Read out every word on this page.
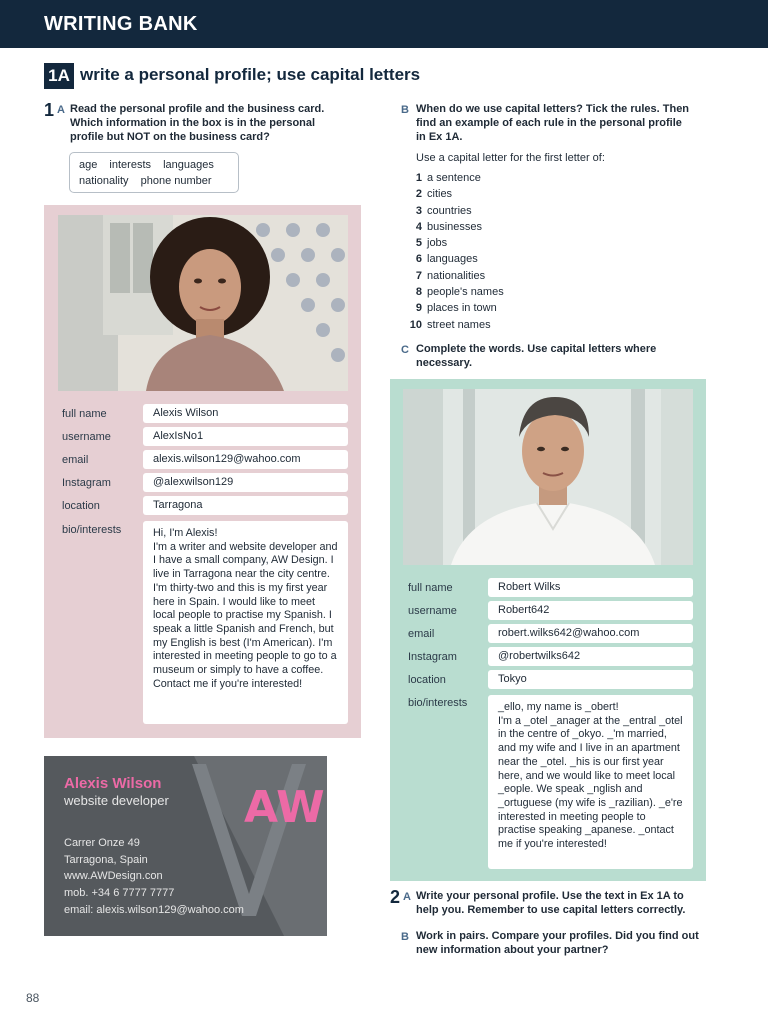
WRITING BANK
1A write a personal profile; use capital letters
1 A Read the personal profile and the business card. Which information in the box is in the personal profile but NOT on the business card?
age interests languages
nationality phone number
full name	Alexis Wilson
username	AlexIsNo1
email	alexis.wilson129@wahoo.com
Instagram	@alexwilson129
location	Tarragona
bio/interests	Hi, I'm Alexis!
I'm a writer and website developer and I have a small company, AW Design. I live in Tarragona near the city centre. I'm thirty-two and this is my first year here in Spain. I would like to meet local people to practise my Spanish. I speak a little Spanish and French, but my English is best (I'm American). I'm interested in meeting people to go to a museum or simply to have a coffee. Contact me if you're interested!
AW
Alexis Wilson
website developer
Carrer Onze 49
Tarragona, Spain
www.AWDesign.con
mob. +34 6 7777 7777
email: alexis.wilson129@wahoo.com
B When do we use capital letters? Tick the rules. Then find an example of each rule in the personal profile in Ex 1A.
Use a capital letter for the first letter of:
1 a sentence
2 cities
3 countries
4 businesses
5 jobs
6 languages
7 nationalities
8 people's names
9 places in town
10 street names
C Complete the words. Use capital letters where necessary.
full name	Robert Wilks
username	Robert642
email	robert.wilks642@wahoo.com
Instagram	@robertwilks642
location	Tokyo
bio/interests	_ello, my name is _obert!
I'm a _otel _anager at the _entral _otel in the centre of _okyo. _'m married, and my wife and I live in an apartment near the _otel. _his is our first year here, and we would like to meet local _eople. We speak _nglish and _ortuguese (my wife is _razilian). _e're interested in meeting people to practise speaking _apanese. _ontact me if you're interested!
2 A Write your personal profile. Use the text in Ex 1A to help you. Remember to use capital letters correctly.
B Work in pairs. Compare your profiles. Did you find out new information about your partner?
88
